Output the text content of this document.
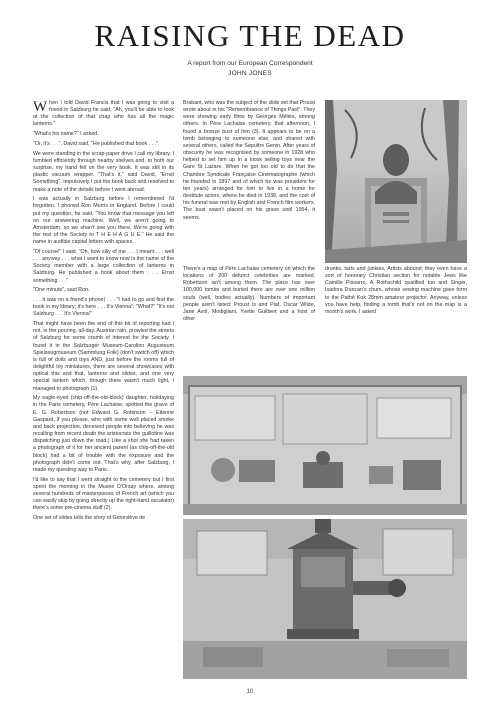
RAISING THE DEAD
A report from our European Correspondent
JOHN JONES

When I told David Francis that I was going to visit a friend in Salzburg he said, "Ah, you'll be able to look at the collection of that chap who has all the magic lanterns."

"What's his name?" I asked.

"Or, it's . . .", David said, "He published that book . . .".

We were standing in the scrap-paper drive I call my library. I fumbled efficiently through nearby shelves and, to both our surprise, my hand fell on the very book. It was still in its plastic vacuum wrapper. "That's it," said David, "Ernst Something". Impulsively I put the book back and resolved to make a note of the details before I went abroad.

I was actually in Salzburg before I remembered I'd forgotten. I phoned Ron Morris in England. Before I could put my question, he said, "You know that message you left on our answering machine. Well, we aren't going to Amsterdam, so we shan't see you there. We're going with the rest of the Society to T H E H A G U E." He said the name in audible capital letters with spaces.

"Of course!" I said, "Oh, how silly of me . . . I meant . . . well . . . anyway . . . what I want to know now is the name of the Society member with a large collection of lanterns in Salzburg. He published a book about them . . . Ernst something . . ."

"One minute", said Ron.

. . . it was on a friend's phone) . . . "I had to go and find the book in my library; it's here . . . It's Vienna"; "What?" "It's not Salzburg . . . It's Vienna!"

That might have been the end of this bit of reporting had I not, in the pouring, all-day, Austrian rain, prowled the streets of Salzburg for some crumb of interest for the Society. I found it in the Salzburger Museum-Carolino Augusteum Spielzeugmuseum (Sammlung Folk) (don't switch off) which is full of dolls and toys AND, just before the rooms full of delightful toy miniatures, there are several showcases with optical this and that, lanterns and slides, and one very special lantern which, though there wasn't much light, I managed to photograph (1).

My eagle-eyed (chip-off-the-old-block) daughter, holidaying in the Paris cemetery, Père Lachaise, spotted the grave of E. G. Robertson (not Edward G. Robinson – Etienne Gaspard, if you please, who with some well placed smoke and back projection, deceived people into believing he was recalling from recent death the aristocrats the guillotine was dispatching just down the road.) Like a shot she had taken a photograph of it for her ancient parent (as chip-off-the-old block) had a bit of trouble with the exposure and the photograph didn't come out. That's why, after Salzburg, I made my questing way to Paris.

I'd like to say that I went straight to the cemetery but I first spent the morning in the Musée D'Orsay where, among several hundreds of masterpieces of French art (which you can easily skip by going directly up the right-hand escalator) there's some pre-cinema stuff (2).

One set of slides tells the story of Geneviève de

Brabant, who was the subject of the slide set that Proust wrote about in his "Remembrance of Things Past". They were showing early films by Georges Méliès, among others. In Père Lachaise cemetery, that afternoon, I found a bronze bust of him (3). It appears to be on a tomb belonging to someone else, and shared with several others, called the Sepultre Genin. After years of obscurity he was recognised by someone in 1928 who helped to set him up in a kiosk selling toys near the Gare St Lazare. When he got too old to do that the Chambre Syndicale Française Cinématographe (which he founded in 1897 and of which he was president for ten years) arranged for him to live in a home for destitute actors, where he died in 1938, and the cost of his funeral was met by English and French film workers. The bust wasn't placed on his grave until 1954, it seems.

There's a map of Père Lachaise cemetery on which the locations of 200 defunct celebrities are marked. Robertson isn't among them. The place has over 100,000 tombs and buried there are over one million souls (well, bodies actually). Numbers of important people aren't listed: Proust is and Piaf, Oscar Wilde, Jane Avril, Modigliani, Yvette Guilbert and a host of other

drunks, tarts and junkies. Artists abound; they even have a sort of honorary Christian section for notable Jews like Camille Pissarro. A Rothschild qualified too and Singer, Isadora Duncan's chum, whose sewing machine gave form to the Pathé Kok 28mm amateur projector. Anyway, unless you have help, finding a tomb that's not on the map is a month's work. I asked

10
